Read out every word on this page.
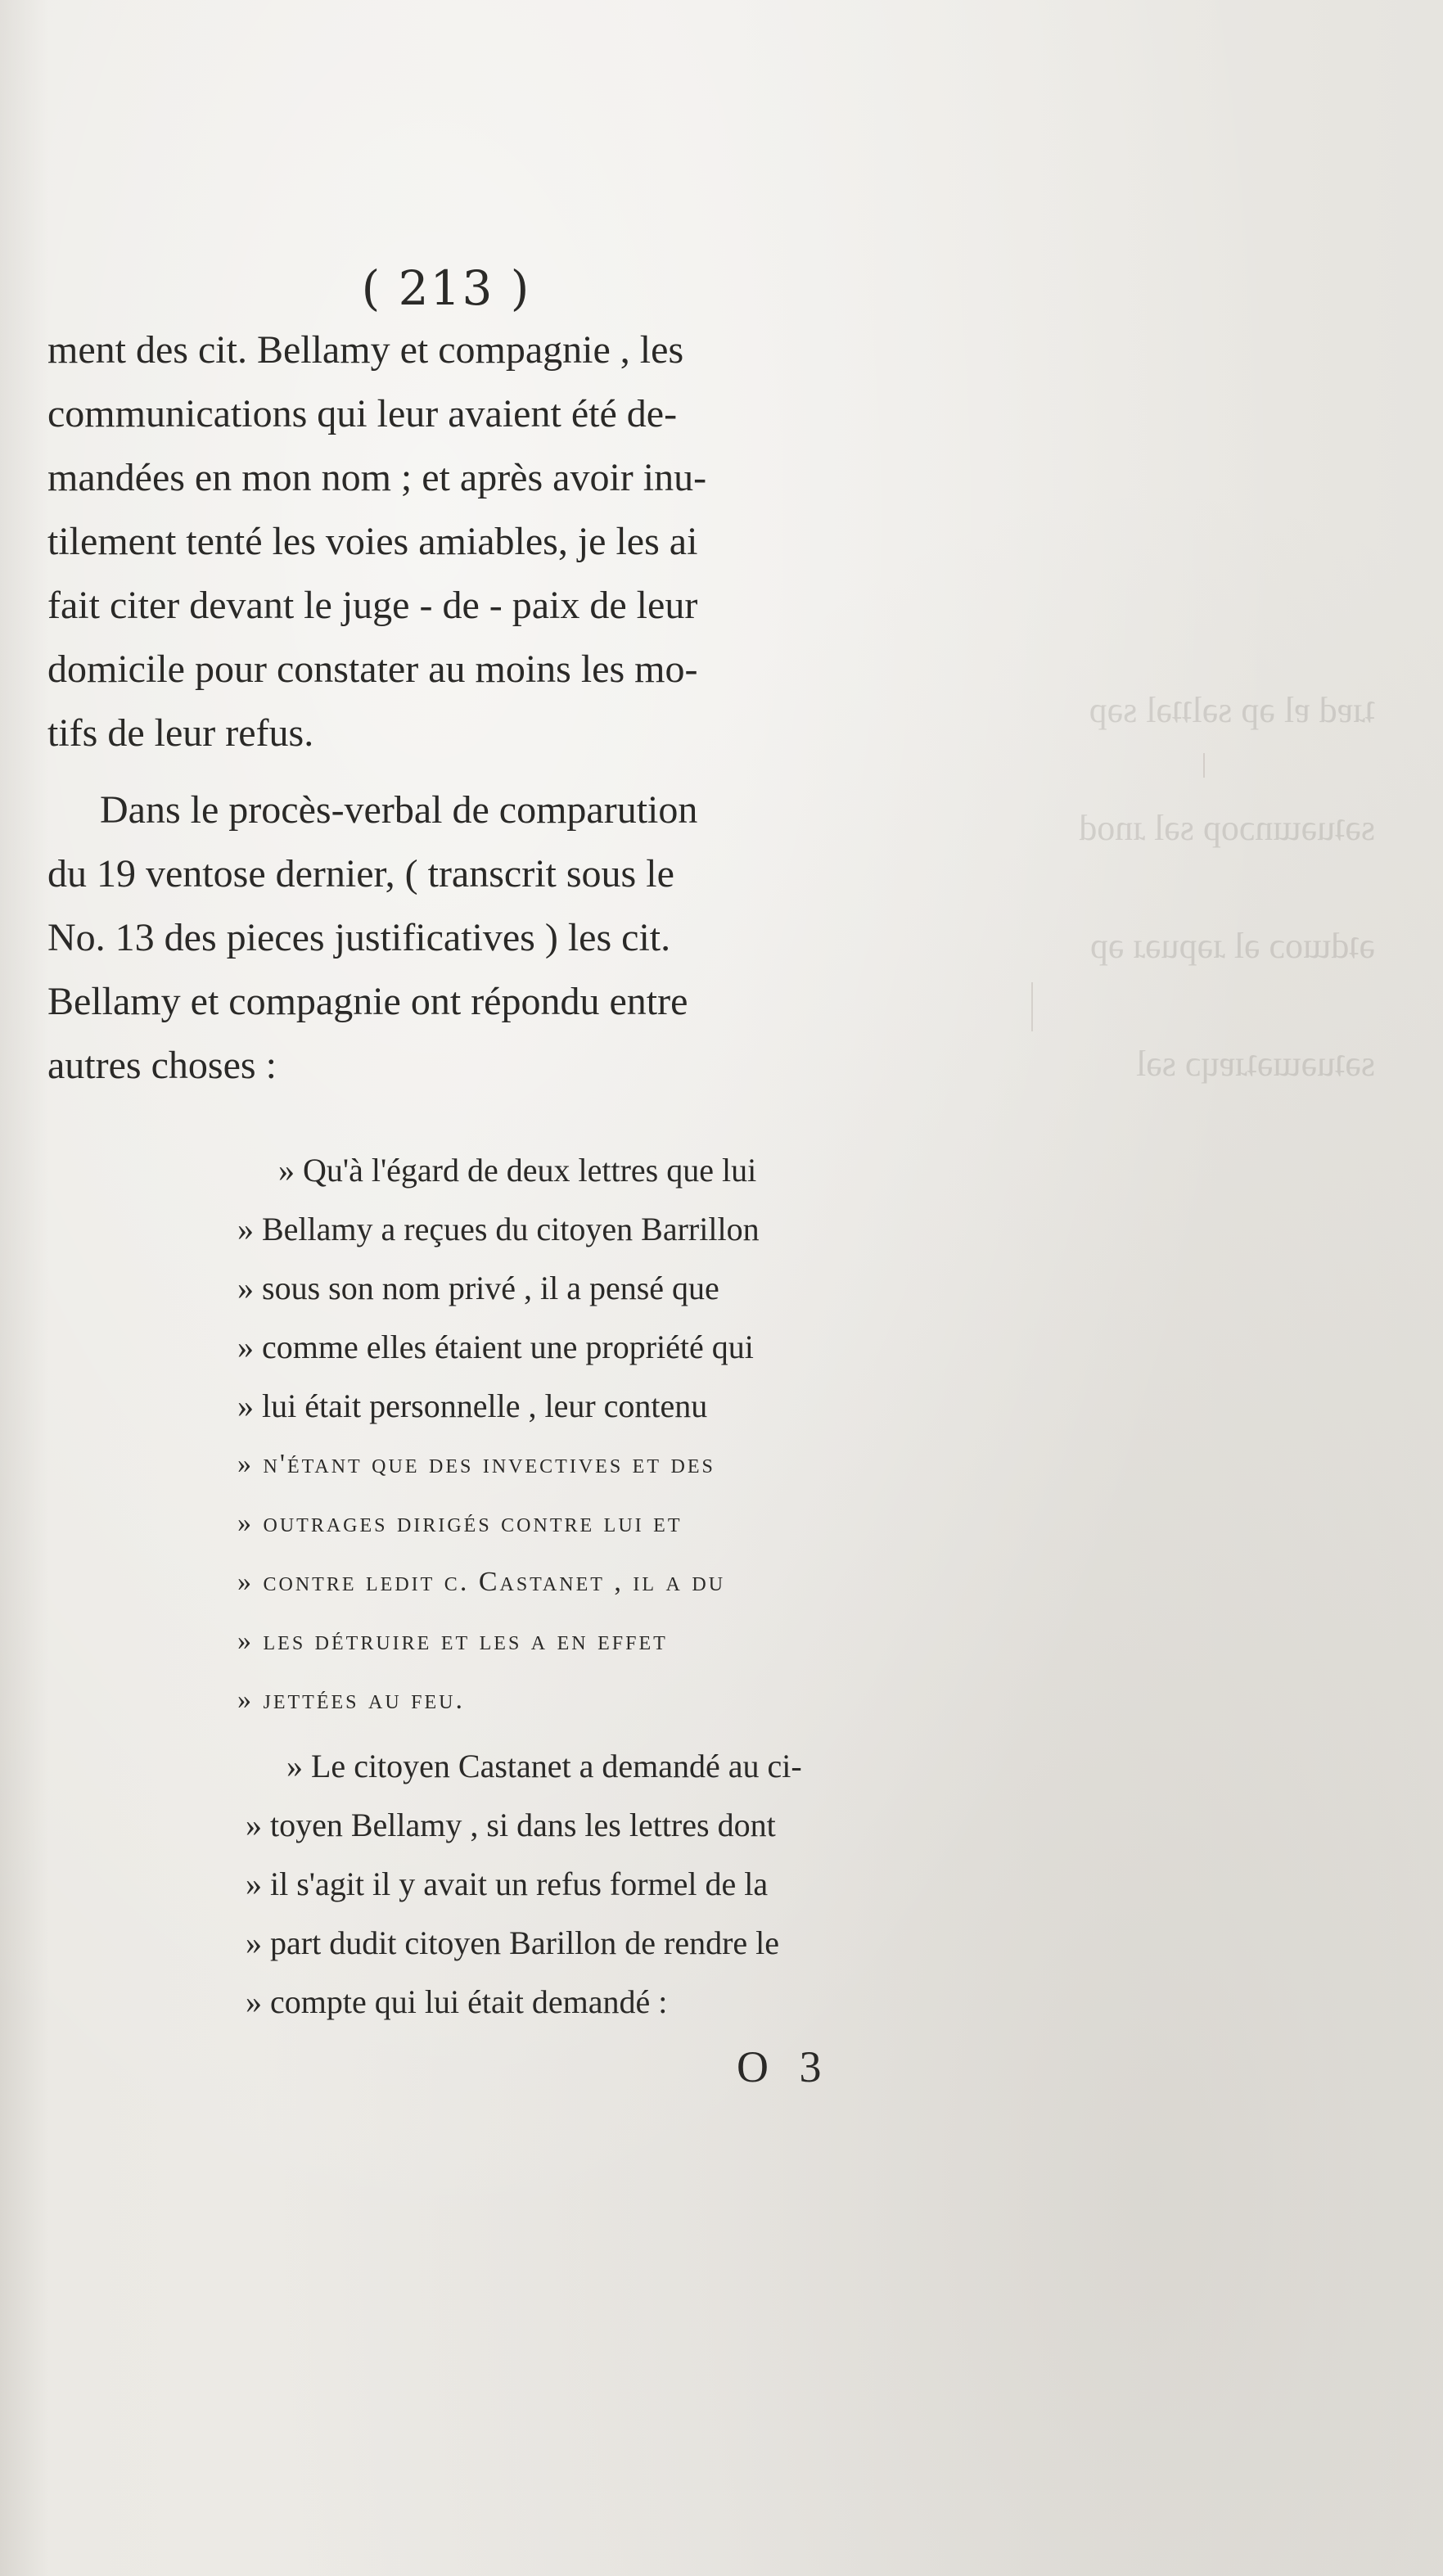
ʇɹɐd ɐl ǝp sǝlʇʇǝl sǝp

sǝʇuǝɯnɔop sǝl ɹnod

ǝʇdɯoɔ ǝl ɹǝpuǝɹ ǝp

sǝʇuǝɯǝʇɹɐɥɔ sǝl

( 213 )
ment des cit. Bellamy et compagnie , les
communications qui leur avaient été de-
mandées en mon nom ; et après avoir inu-
tilement tenté les voies amiables, je les ai
fait citer devant le juge - de - paix de leur
domicile pour constater au moins les mo-
tifs de leur refus.
Dans le procès-verbal de comparution
du 19 ventose dernier, ( transcrit sous le
No. 13 des pieces justificatives ) les cit.
Bellamy et compagnie ont répondu entre
autres choses :
» Qu'à l'égard de deux lettres que lui
» Bellamy a reçues du citoyen Barrillon
» sous son nom privé , il a pensé que
» comme elles étaient une propriété qui
» lui était personnelle , leur contenu
» n'étant que des invectives et des
» outrages dirigés contre lui et
» contre ledit c. Castanet , il a du
» les détruire et les a en effet
» jettées au feu.
» Le citoyen Castanet a demandé au ci-
» toyen Bellamy , si dans les lettres dont
» il s'agit il y avait un refus formel de la
» part dudit citoyen Barillon de rendre le
» compte qui lui était demandé :
O 3
